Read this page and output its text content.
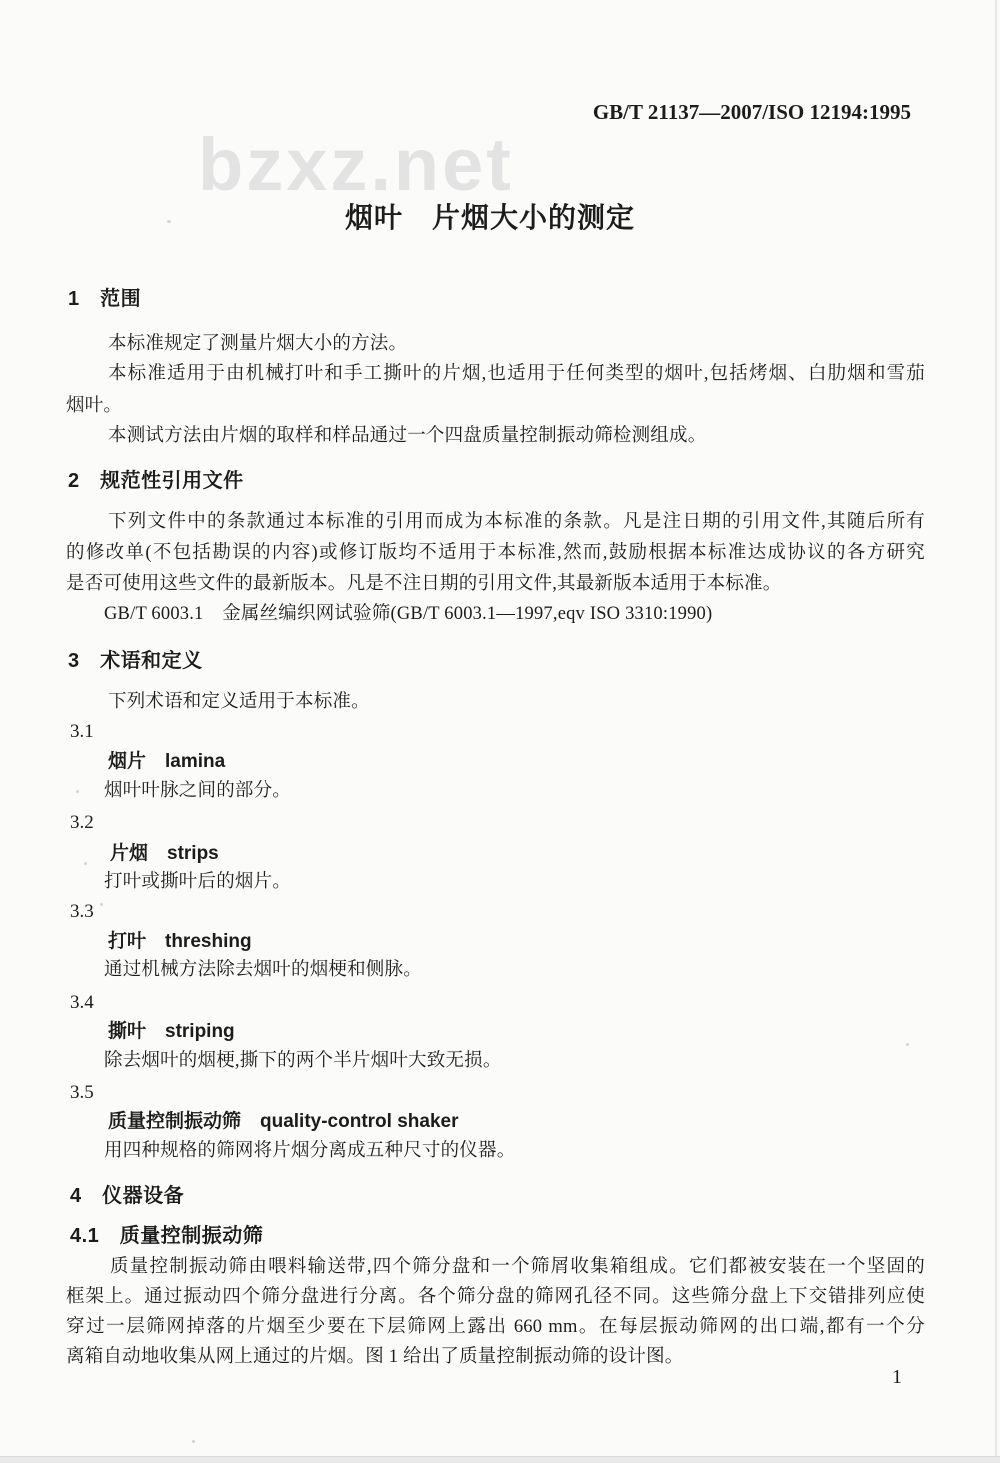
GB/T 21137—2007/ISO 12194:1995
bzxz.net
烟叶　片烟大小的测定
1　范围
本标准规定了测量片烟大小的方法。
本标准适用于由机械打叶和手工撕叶的片烟,也适用于任何类型的烟叶,包括烤烟、白肋烟和雪茄
烟叶。
本测试方法由片烟的取样和样品通过一个四盘质量控制振动筛检测组成。
2　规范性引用文件
下列文件中的条款通过本标准的引用而成为本标准的条款。凡是注日期的引用文件,其随后所有
的修改单(不包括勘误的内容)或修订版均不适用于本标准,然而,鼓励根据本标准达成协议的各方研究
是否可使用这些文件的最新版本。凡是不注日期的引用文件,其最新版本适用于本标准。
GB/T 6003.1　金属丝编织网试验筛(GB/T 6003.1—1997,eqv ISO 3310:1990)
3　术语和定义
下列术语和定义适用于本标准。
3.1
烟片　lamina
烟叶叶脉之间的部分。
3.2
片烟　strips
打叶或撕叶后的烟片。
3.3
打叶　threshing
通过机械方法除去烟叶的烟梗和侧脉。
3.4
撕叶　striping
除去烟叶的烟梗,撕下的两个半片烟叶大致无损。
3.5
质量控制振动筛　quality-control shaker
用四种规格的筛网将片烟分离成五种尺寸的仪器。
4　仪器设备
4.1　质量控制振动筛
质量控制振动筛由喂料输送带,四个筛分盘和一个筛屑收集箱组成。它们都被安装在一个坚固的
框架上。通过振动四个筛分盘进行分离。各个筛分盘的筛网孔径不同。这些筛分盘上下交错排列应使
穿过一层筛网掉落的片烟至少要在下层筛网上露出 660 mm。在每层振动筛网的出口端,都有一个分
离箱自动地收集从网上通过的片烟。图 1 给出了质量控制振动筛的设计图。
1
